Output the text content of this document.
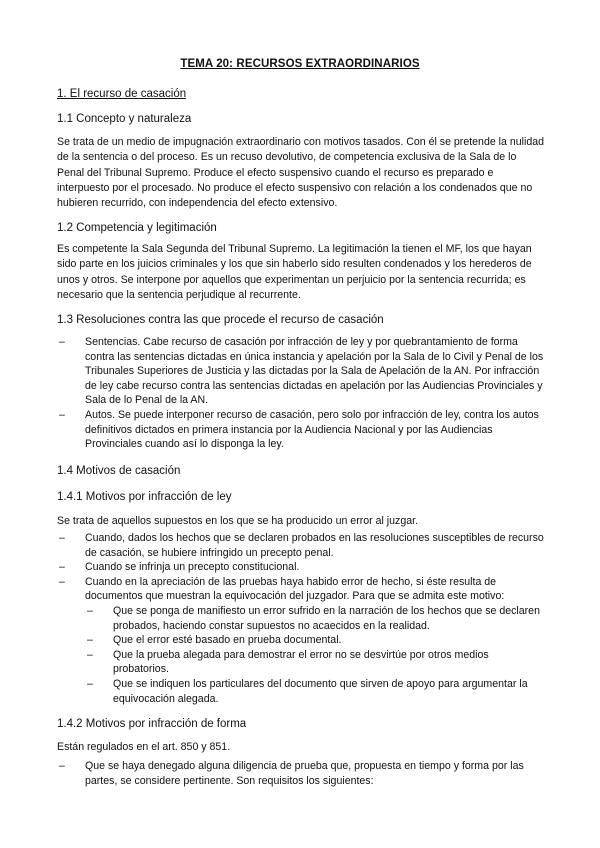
TEMA 20: RECURSOS EXTRAORDINARIOS
1. El recurso de casación
1.1 Concepto y naturaleza

Se trata de un medio de impugnación extraordinario con motivos tasados. Con él se pretende la nulidad de la sentencia o del proceso. Es un recuso devolutivo, de competencia exclusiva de la Sala de lo Penal del Tribunal Supremo. Produce el efecto suspensivo cuando el recurso es preparado e interpuesto por el procesado. No produce el efecto suspensivo con relación a los condenados que no hubieren recurrido, con independencia del efecto extensivo.

1.2 Competencia y legitimación

Es competente la Sala Segunda del Tribunal Supremo. La legitimación la tienen el MF, los que hayan sido parte en los juicios criminales y los que sin haberlo sido resulten condenados y los herederos de unos y otros. Se interpone por aquellos que experimentan un perjuicio por la sentencia recurrida; es necesario que la sentencia perjudique al recurrente.

1.3 Resoluciones contra las que procede el recurso de casación
– Sentencias. Cabe recurso de casación por infracción de ley y por quebrantamiento de forma contra las sentencias dictadas en única instancia y apelación por la Sala de lo Civil y Penal de los Tribunales Superiores de Justicia y las dictadas por la Sala de Apelación de la AN. Por infracción de ley cabe recurso contra las sentencias dictadas en apelación por las Audiencias Provinciales y Sala de lo Penal de la AN.
– Autos. Se puede interponer recurso de casación, pero solo por infracción de ley, contra los autos definitivos dictados en primera instancia por la Audiencia Nacional y por las Audiencias Provinciales cuando así lo disponga la ley.
1.4 Motivos de casación
1.4.1 Motivos por infracción de ley

Se trata de aquellos supuestos en los que se ha producido un error al juzgar.

– Cuando, dados los hechos que se declaren probados en las resoluciones susceptibles de recurso de casación, se hubiere infringido un precepto penal.
– Cuando se infrinja un precepto constitucional.
– Cuando en la apreciación de las pruebas haya habido error de hecho, si éste resulta de documentos que muestran la equivocación del juzgador. Para que se admita este motivo:
– Que se ponga de manifiesto un error sufrido en la narración de los hechos que se declaren probados, haciendo constar supuestos no acaecidos en la realidad.
– Que el error esté basado en prueba documental.
– Que la prueba alegada para demostrar el error no se desvirtúe por otros medios probatorios.
– Que se indiquen los particulares del documento que sirven de apoyo para argumentar la equivocación alegada.
1.4.2 Motivos por infracción de forma

Están regulados en el art. 850 y 851.

– Que se haya denegado alguna diligencia de prueba que, propuesta en tiempo y forma por las partes, se considere pertinente. Son requisitos los siguientes:
